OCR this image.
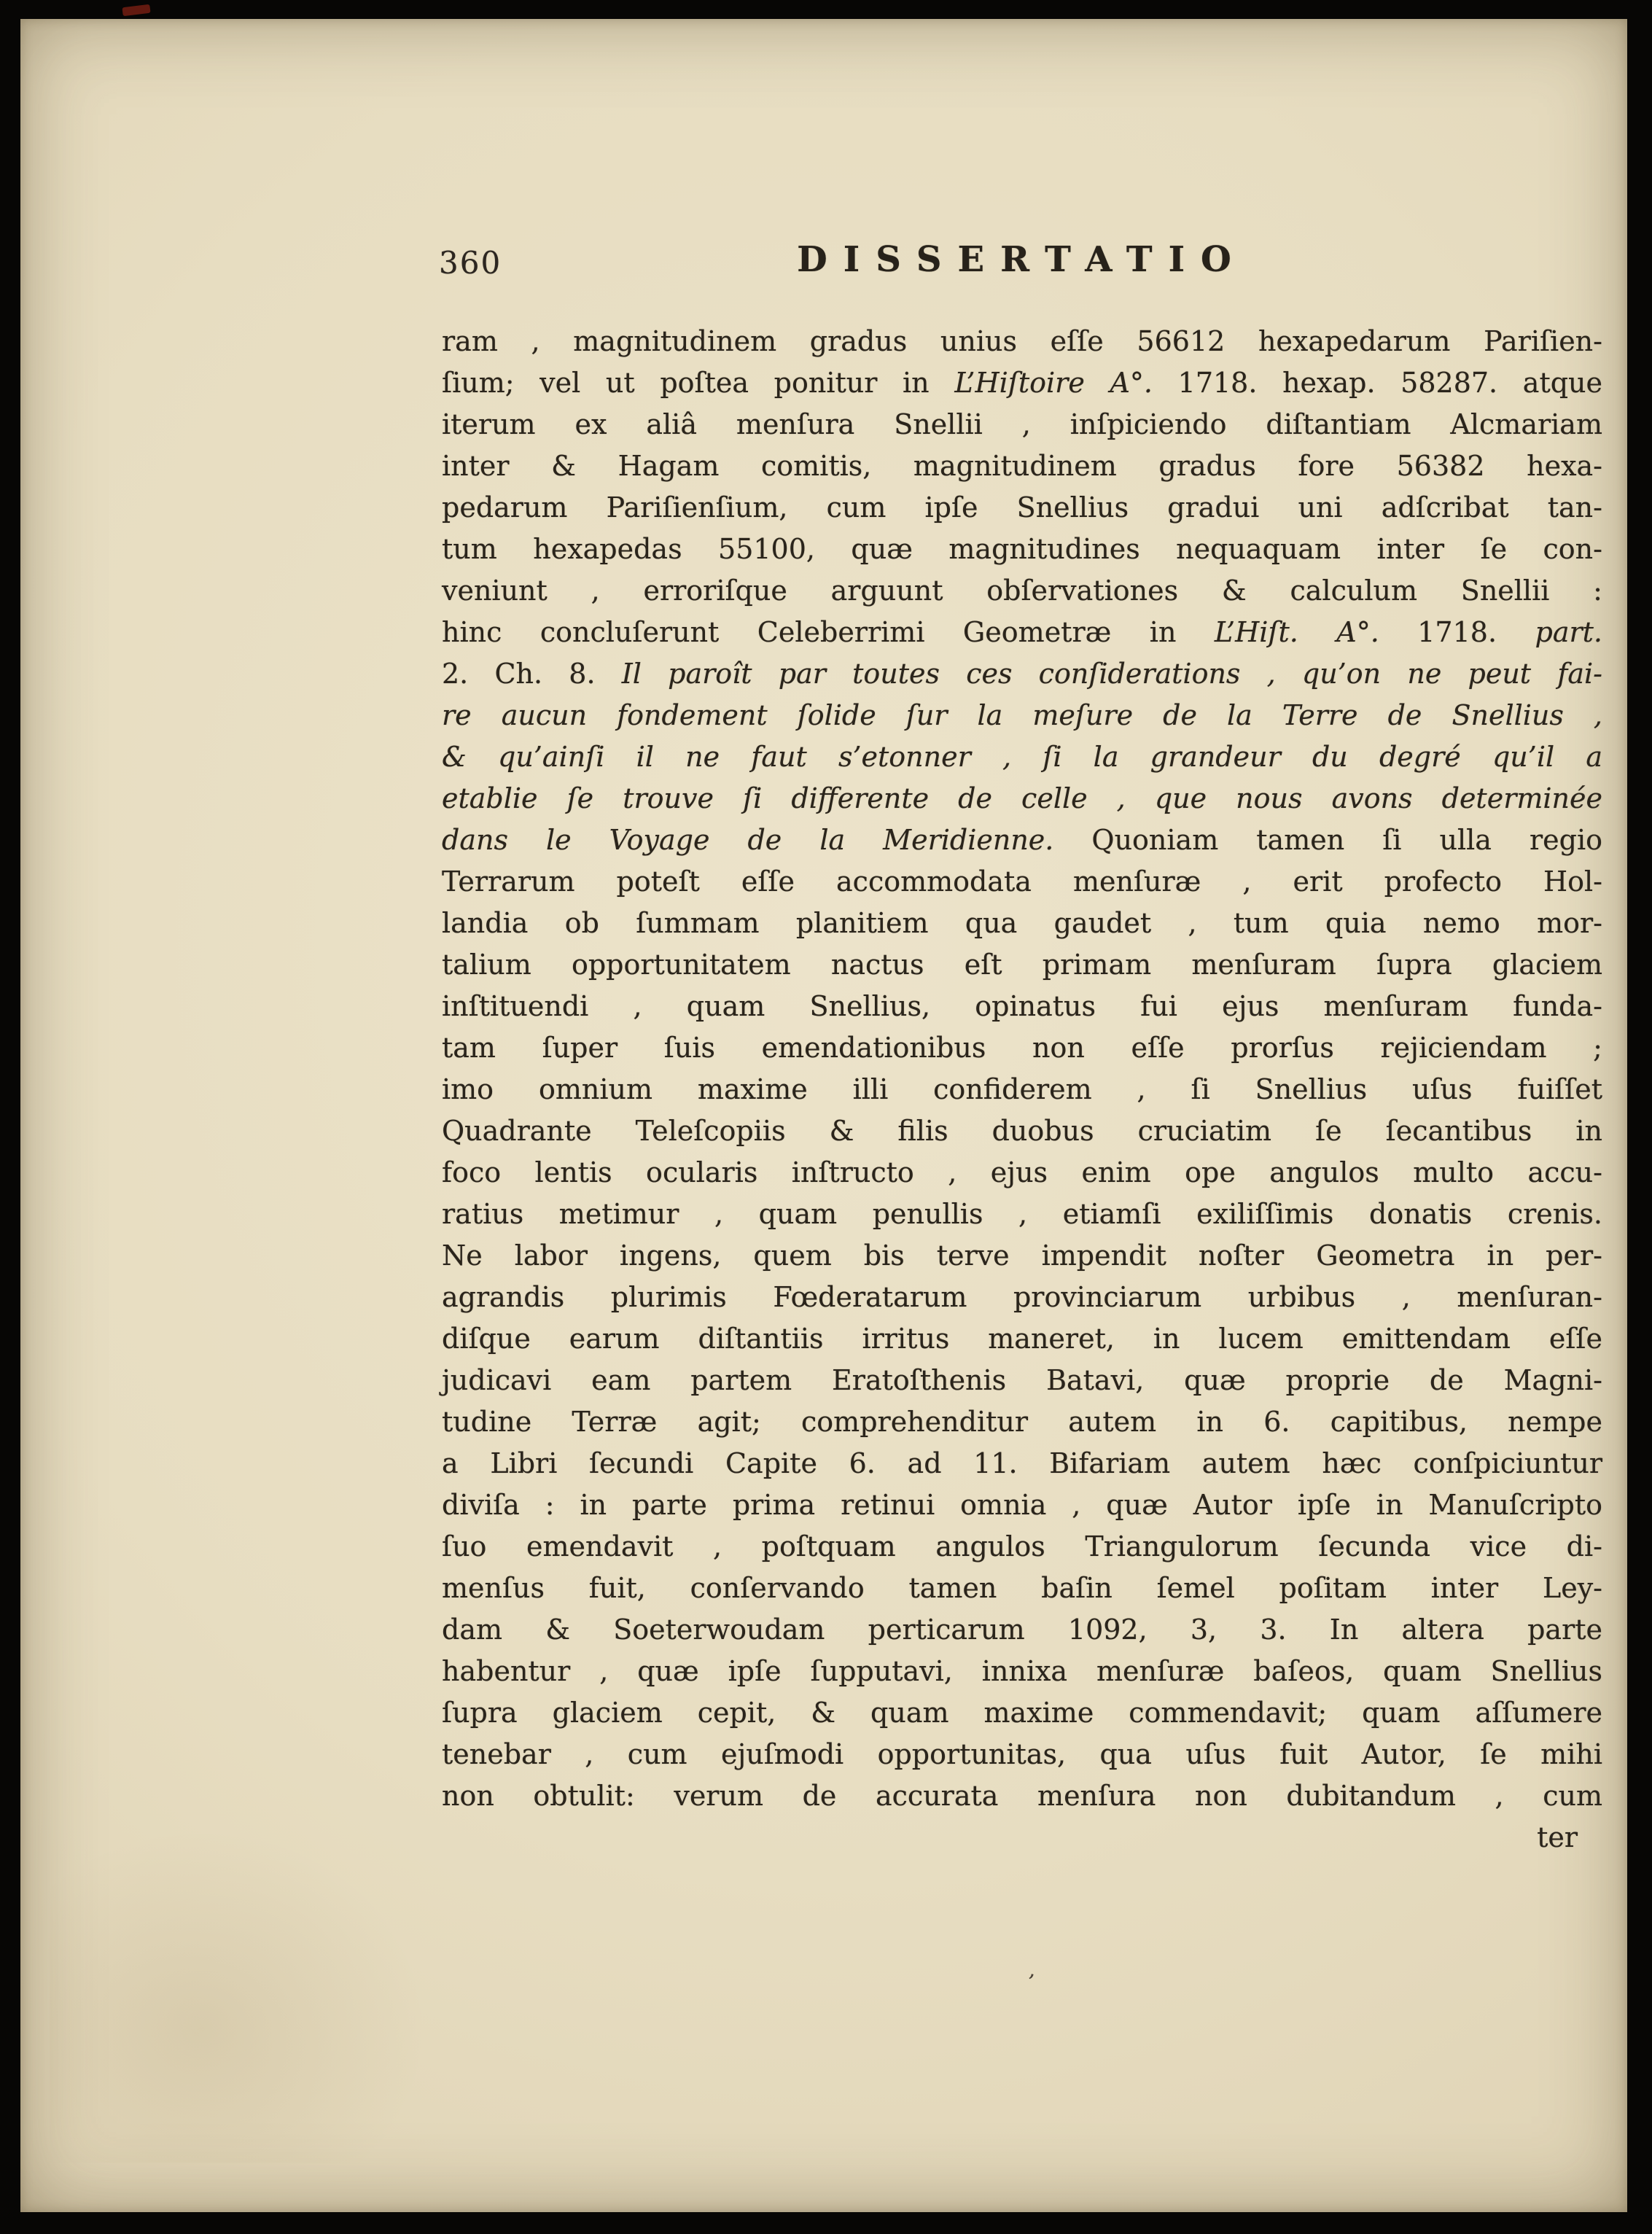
360	DISSERTATIO
ram , magnitudinem gradus unius eſſe 56612 hexapedarum Pariſien-
ſium; vel ut poſtea ponitur in L’Hiſtoire A°. 1718. hexap. 58287. atque
iterum ex aliâ menſura Snellii , inſpiciendo diſtantiam Alcmariam
inter & Hagam comitis, magnitudinem gradus fore 56382 hexa-
pedarum Pariſienſium, cum ipſe Snellius gradui uni adſcribat tan-
tum hexapedas 55100, quæ magnitudines nequaquam inter ſe con-
veniunt , erroriſque arguunt obſervationes & calculum Snellii :
hinc concluſerunt Celeberrimi Geometræ in L’Hiſt. A°. 1718. part.
2. Ch. 8. Il paroît par toutes ces conſiderations , qu’on ne peut fai-
re aucun fondement ſolide ſur la meſure de la Terre de Snellius ,
& qu’ainſi il ne faut s’etonner , ſi la grandeur du degré qu’il a
etablie ſe trouve ſi differente de celle , que nous avons determinée
dans le Voyage de la Meridienne. Quoniam tamen ſi ulla regio
Terrarum poteſt eſſe accommodata menſuræ , erit profecto Hol-
landia ob ſummam planitiem qua gaudet , tum quia nemo mor-
talium opportunitatem nactus eſt primam menſuram ſupra glaciem
inſtituendi , quam Snellius, opinatus fui ejus menſuram funda-
tam ſuper ſuis emendationibus non eſſe prorſus rejiciendam ;
imo omnium maxime illi confiderem , ſi Snellius uſus fuiſſet
Quadrante Teleſcopiis & filis duobus cruciatim ſe ſecantibus in
foco lentis ocularis inſtructo , ejus enim ope angulos multo accu-
ratius metimur , quam penullis , etiamſi exiliſſimis donatis crenis.
Ne labor ingens, quem bis terve impendit noſter Geometra in per-
agrandis plurimis Fœderatarum provinciarum urbibus , menſuran-
diſque earum diſtantiis irritus maneret, in lucem emittendam eſſe
judicavi eam partem Eratoſthenis Batavi, quæ proprie de Magni-
tudine Terræ agit; comprehenditur autem in 6. capitibus, nempe
a Libri ſecundi Capite 6. ad 11. Bifariam autem hæc conſpiciuntur
diviſa : in parte prima retinui omnia , quæ Autor ipſe in Manuſcripto
ſuo emendavit , poſtquam angulos Triangulorum ſecunda vice di-
menſus fuit, conſervando tamen baſin ſemel poſitam inter Ley-
dam & Soeterwoudam perticarum 1092, 3, 3. In altera parte
habentur , quæ ipſe ſupputavi, innixa menſuræ baſeos, quam Snellius
ſupra glaciem cepit, & quam maxime commendavit; quam aſſumere
tenebar , cum ejuſmodi opportunitas, qua uſus fuit Autor, ſe mihi
non obtulit: verum de accurata menſura non dubitandum , cum
ter
’
